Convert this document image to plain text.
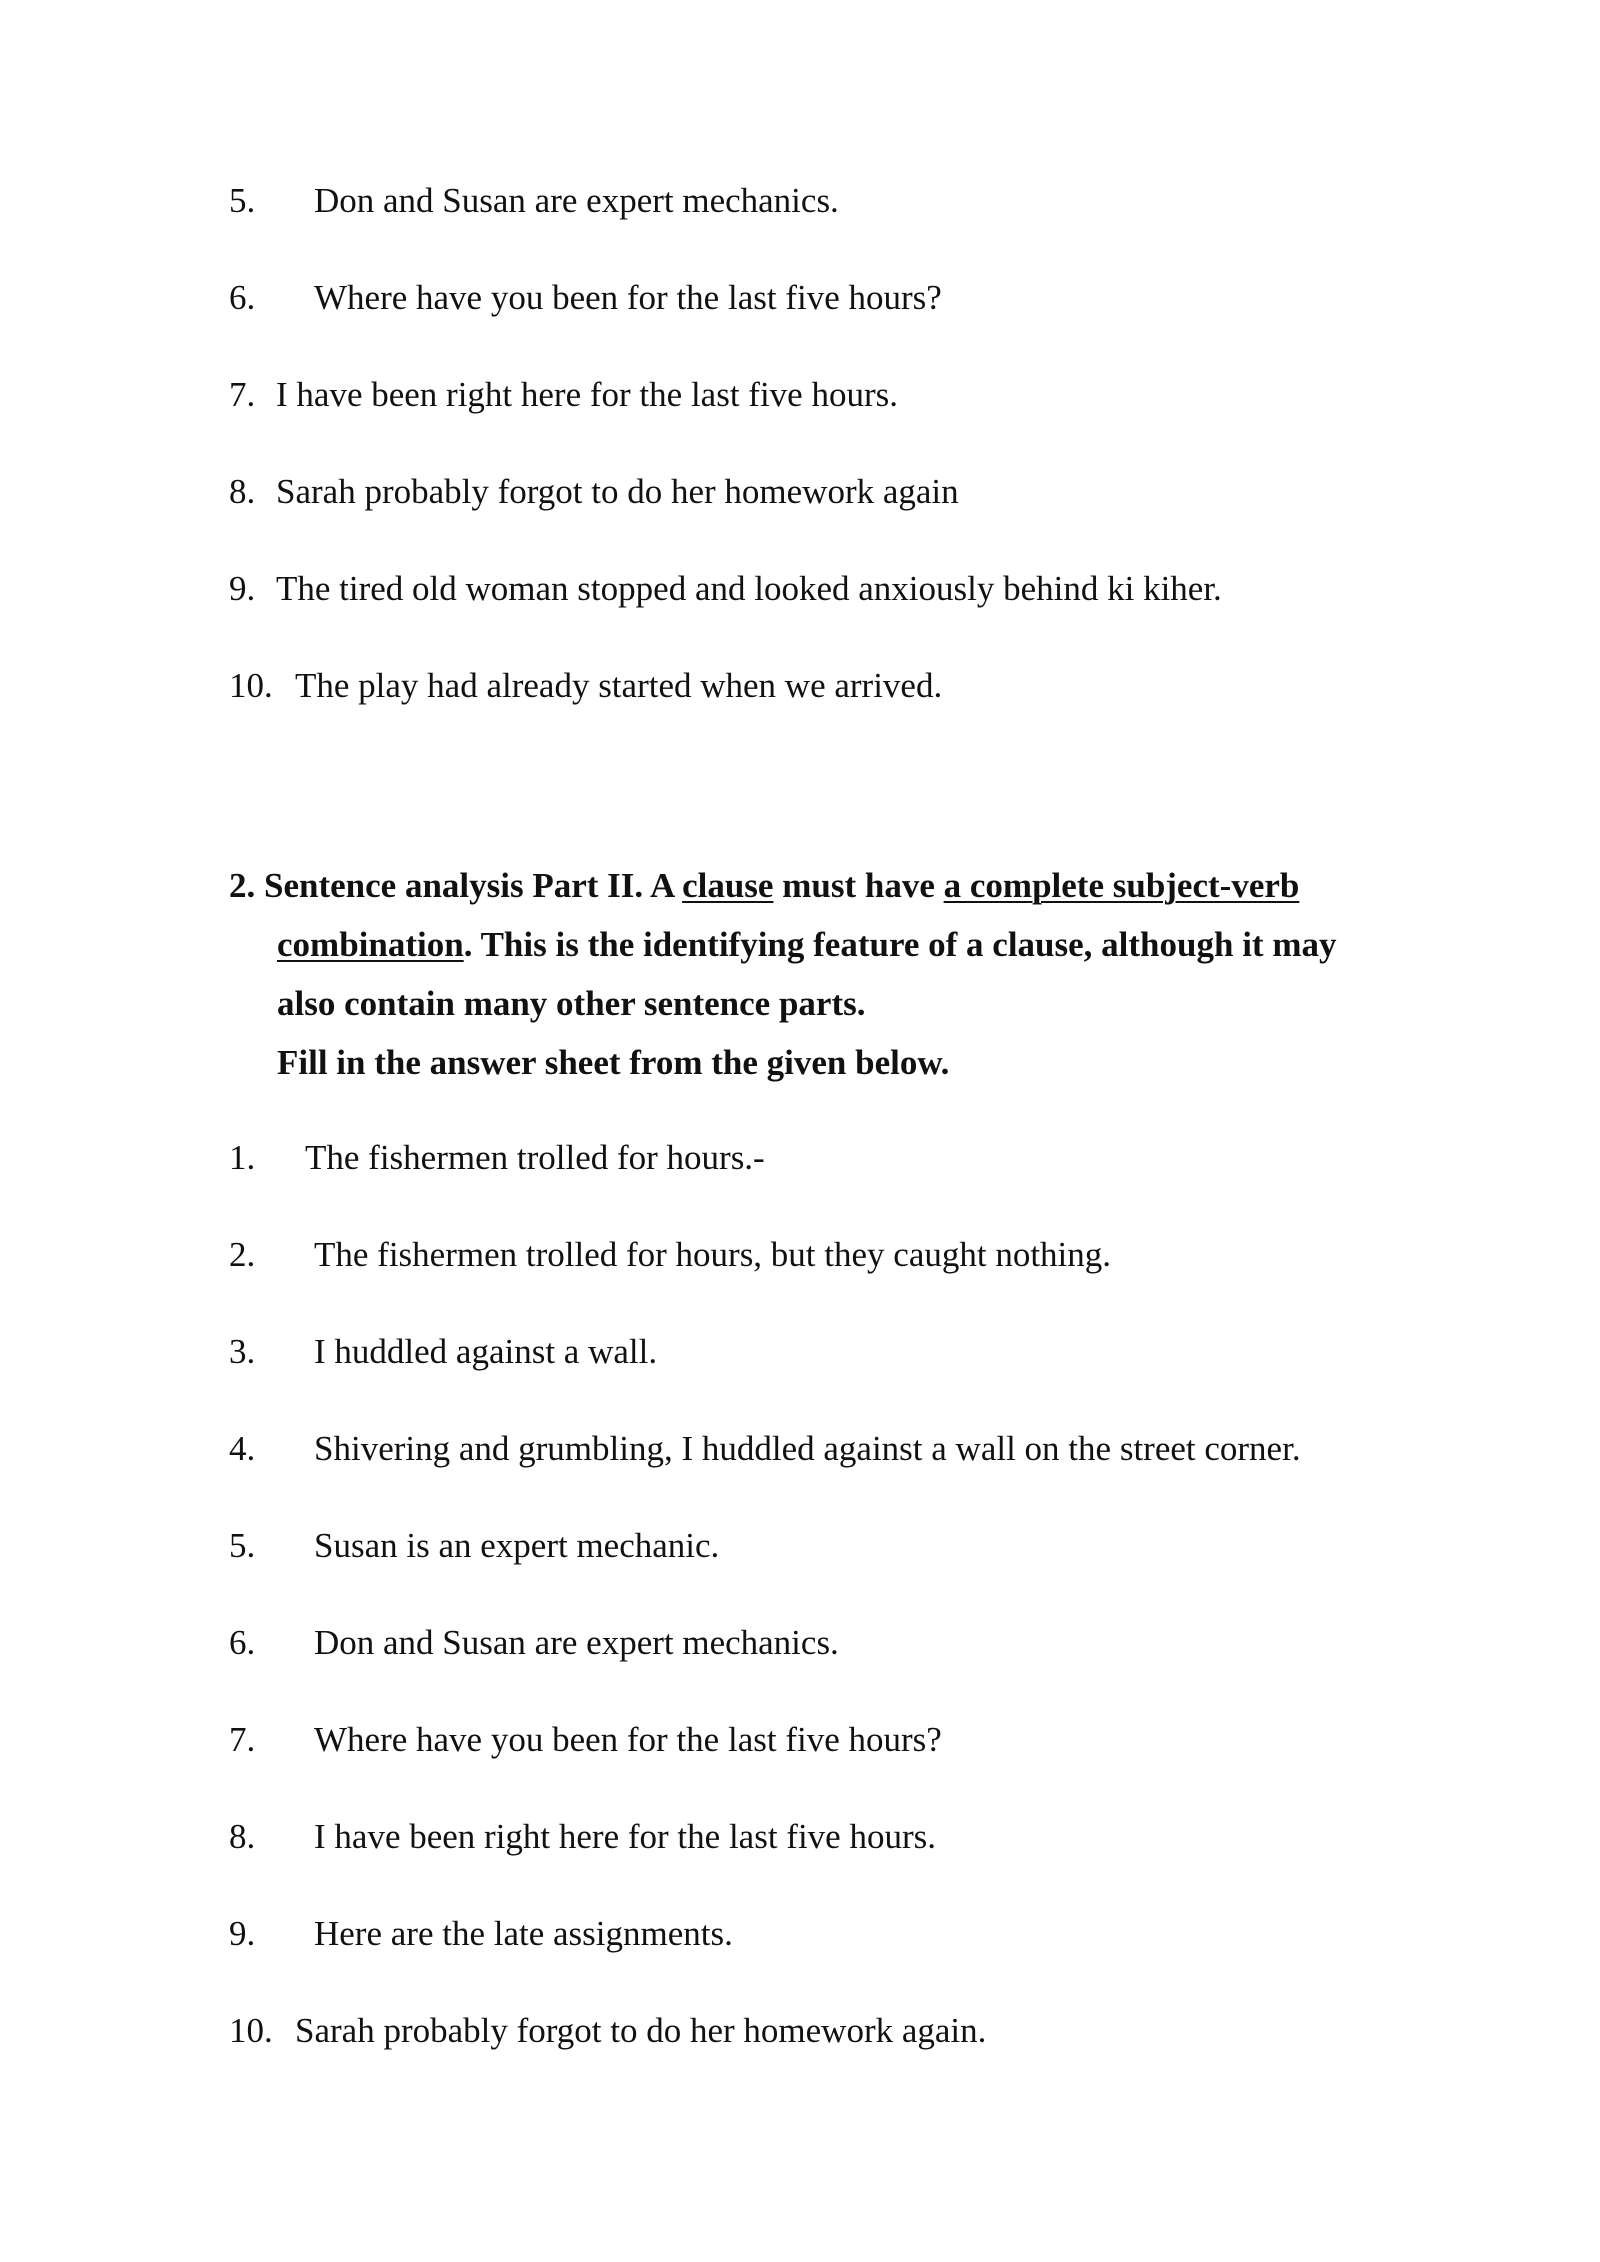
5. Don and Susan are expert mechanics.
6. Where have you been for the last five hours?
7. I have been right here for the last five hours.
8. Sarah probably forgot to do her homework again
9. The tired old woman stopped and looked anxiously behind ki kiher.
10. The play had already started when we arrived.
2. Sentence analysis Part II. A clause must have a complete subject-verb
combination. This is the identifying feature of a clause, although it may
also contain many other sentence parts.
Fill in the answer sheet from the given below.
1. The fishermen trolled for hours.-
2. The fishermen trolled for hours, but they caught nothing.
3. I huddled against a wall.
4. Shivering and grumbling, I huddled against a wall on the street corner.
5. Susan is an expert mechanic.
6. Don and Susan are expert mechanics.
7. Where have you been for the last five hours?
8. I have been right here for the last five hours.
9. Here are the late assignments.
10. Sarah probably forgot to do her homework again.
